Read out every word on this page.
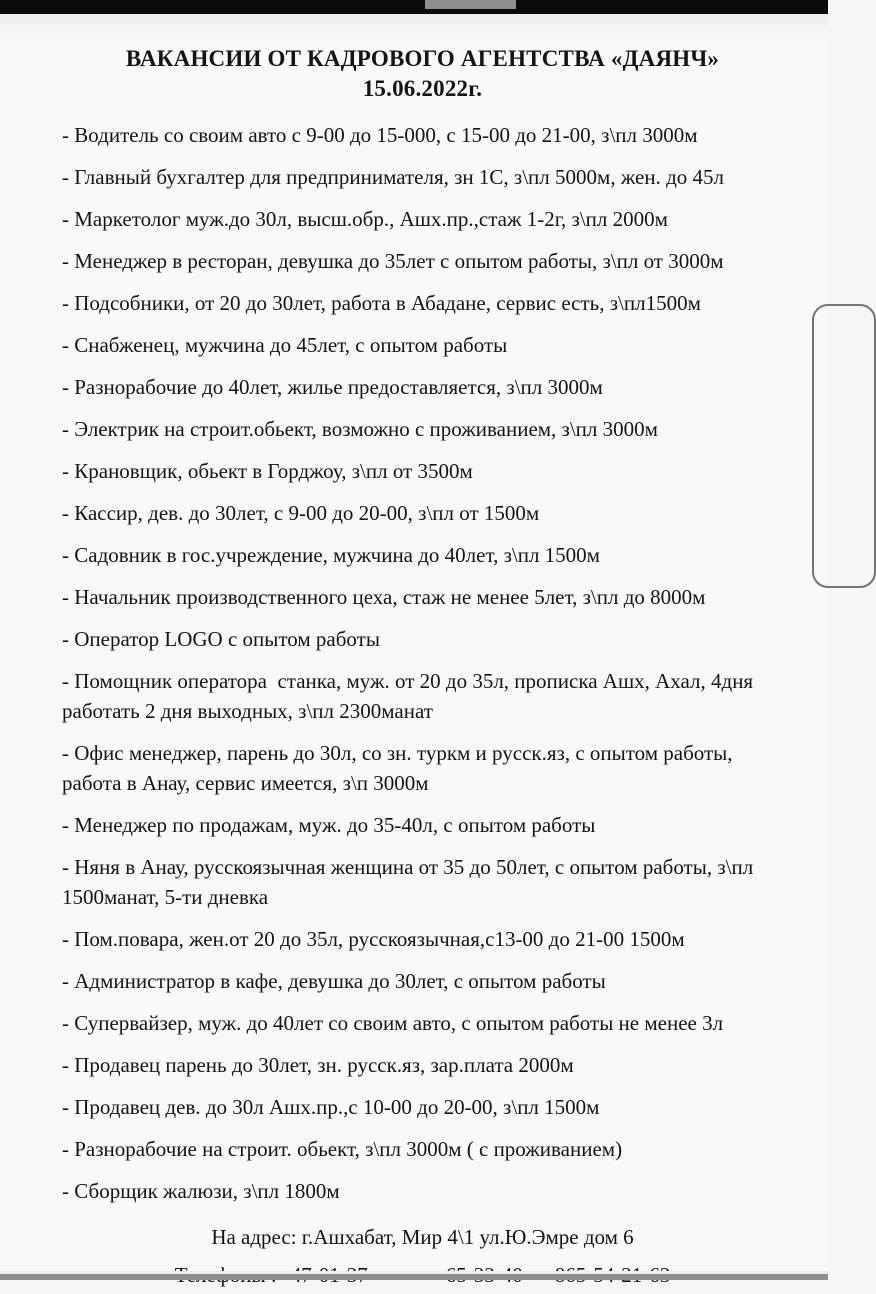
ВАКАНСИИ ОТ КАДРОВОГО АГЕНТСТВА «ДАЯНЧ»  15.06.2022г.

- Водитель со своим авто с 9-00 до 15-000, с 15-00 до 21-00, з\пл 3000м

- Главный бухгалтер для предпринимателя, зн 1С, з\пл 5000м, жен. до 45л

- Маркетолог муж.до 30л, высш.обр., Ашх.пр.,стаж 1-2г, з\пл 2000м

- Менеджер в ресторан, девушка до 35лет с опытом работы, з\пл от 3000м

- Подсобники, от 20 до 30лет, работа в Абадане, сервис есть, з\пл1500м

- Снабженец, мужчина до 45лет, с опытом работы

- Разнорабочие до 40лет, жилье предоставляется, з\пл 3000м

- Электрик на строит.обьект, возможно с проживанием, з\пл 3000м

- Крановщик, обьект в Горджоу, з\пл от 3500м

- Кассир, дев. до 30лет, с 9-00 до 20-00, з\пл от 1500м

- Садовник в гос.учреждение, мужчина до 40лет, з\пл 1500м

- Начальник производственного цеха, стаж не менее 5лет, з\пл до 8000м

- Оператор LOGO с опытом работы

- Помощник оператора  станка, муж. от 20 до 35л, прописка Ашх, Ахал, 4дня работать 2 дня выходных, з\пл 2300манат

- Офис менеджер, парень до 30л, со зн. туркм и русск.яз, с опытом работы, работа в Анау, сервис имеется, з\п 3000м

- Менеджер по продажам, муж. до 35-40л, с опытом работы

- Няня в Анау, русскоязычная женщина от 35 до 50лет, с опытом работы, з\пл 1500манат, 5-ти дневка

- Пом.повара, жен.от 20 до 35л, русскоязычная,с13-00 до 21-00 1500м

- Администратор в кафе, девушка до 30лет, с опытом работы

- Супервайзер, муж. до 40лет со своим авто, с опытом работы не менее 3л

- Продавец парень до 30лет, зн. русск.яз, зар.плата 2000м

- Продавец дев. до 30л Ашх.пр.,с 10-00 до 20-00, з\пл 1500м

- Разнорабочие на строит. обьект, з\пл 3000м ( с проживанием)

- Сборщик жалюзи, з\пл 1800м

На адрес: г.Ашхабат, Мир 4\1 ул.Ю.Эмре дом 6
